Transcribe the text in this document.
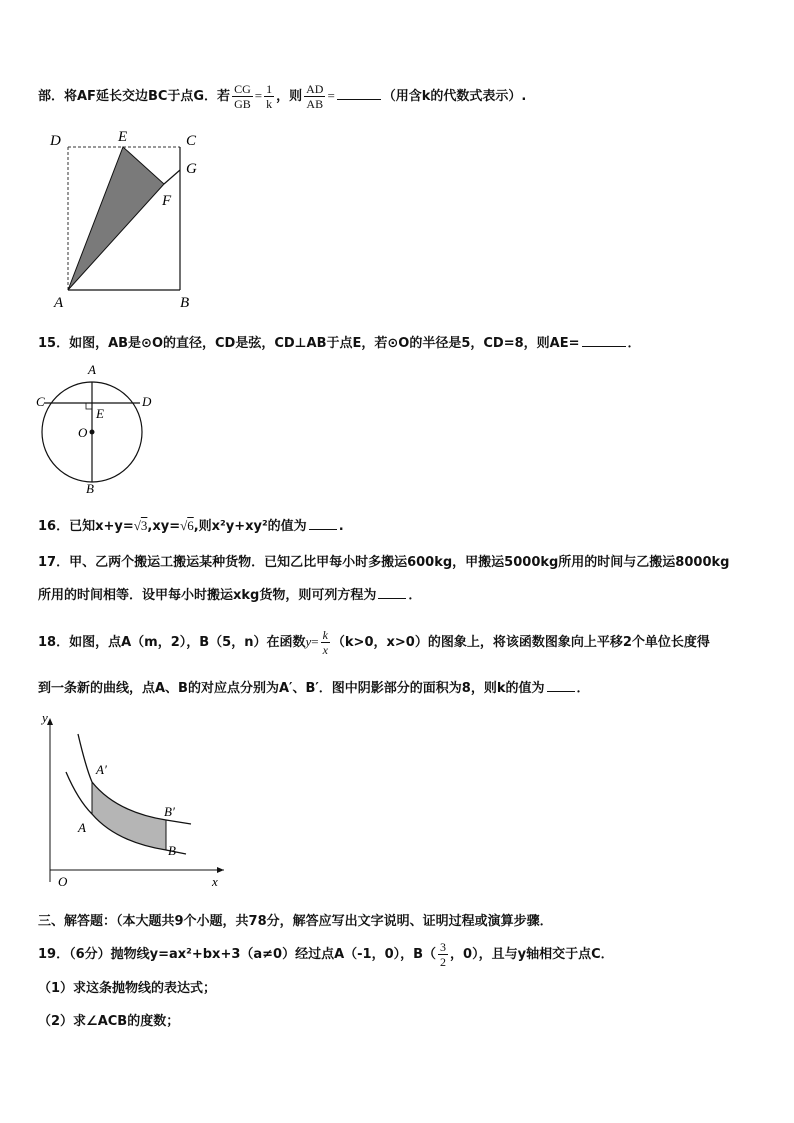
部．将AF延长交边BC于点G．若 $\frac{CG}{GB} = \frac{1}{k}$ ，则 $\frac{AD}{AB}$ =	（用含k的代数式表示）.
D	E	C
G
F
A	B
15．如图，AB是⊙O的直径，CD是弦，CD⊥AB于点E，若⊙O的半径是5，CD=8，则AE=	．
A
C	D
E
O
B
16．已知x+y=√3,xy=√6,则x²y+xy²的值为 .
17．甲、乙两个搬运工搬运某种货物．已知乙比甲每小时多搬运600kg，甲搬运5000kg所用的时间与乙搬运8000kg
所用的时间相等．设甲每小时搬运xkg货物，则可列方程为 ．
18．如图，点A（m，2），B（5，n）在函数$y= \frac{k}{x} (k>0$，x>0）的图象上，将该函数图象向上平移2个单位长度得
到一条新的曲线，点A、B的对应点分别为A′、B′．图中阴影部分的面积为8，则k的值为 ．
y
x
O
A′
A
B′
B
三、解答题：（本大题共9个小题，共78分，解答应写出文字说明、证明过程或演算步骤．
19．（6分）抛物线y=ax²+bx+3（a≠0）经过点A（-1，0），$B( \frac{3}{2}$ ，0），且与y轴相交于点C．
（1）求这条抛物线的表达式；
（2）求∠ACB的度数；
